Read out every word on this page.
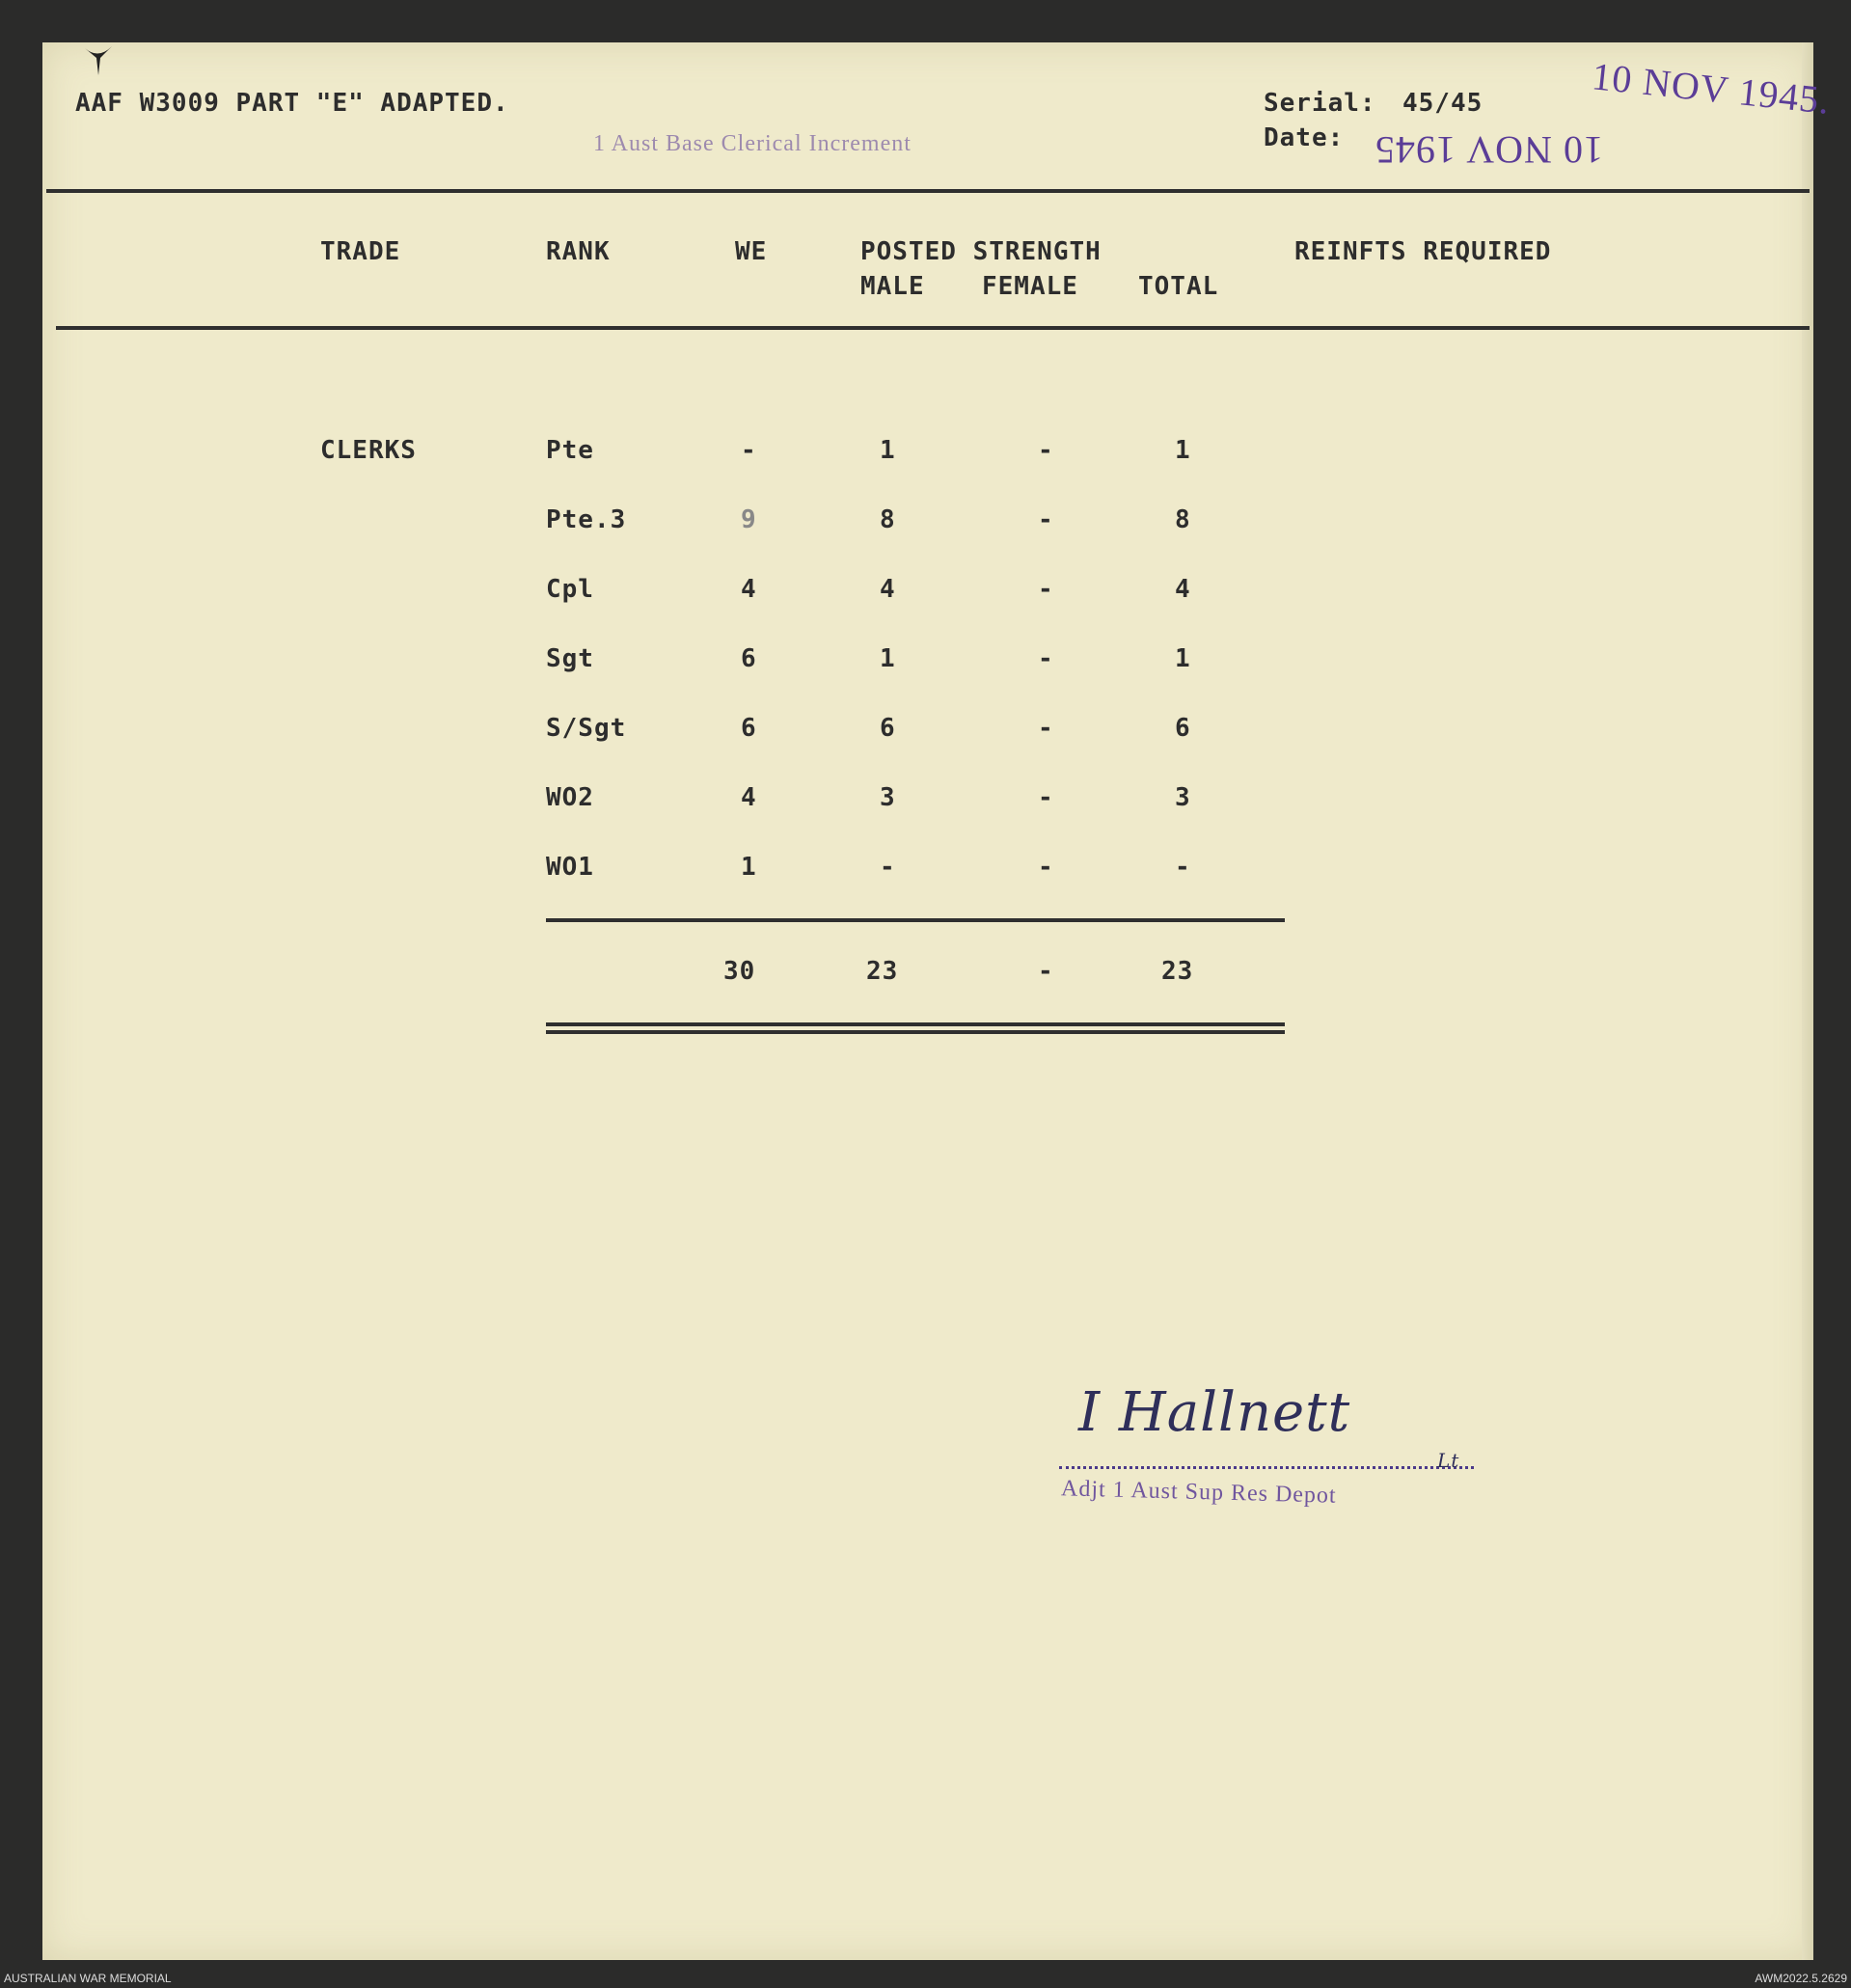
AAF W3009 PART "E" ADAPTED.
1 Aust Base Clerical Increment
Serial: 45/45
Date: 10 NOV 1945
10 NOV 1945.
TRADE	RANK	WE	POSTED STRENGTH
MALE FEMALE TOTAL
REINFTS REQUIRED
CLERKS	Pte	-	1	-	1
Pte.3	9	8	-	8
Cpl	4	4	-	4
Sgt	6	1	-	1
S/Sgt	6	6	-	6
WO2	4	3	-	3
WO1	1	-	-	-
30	23	-	23
I Hallnett
Lt
Adjt 1 Aust Sup Res Depot
AUSTRALIAN WAR MEMORIAL	AWM2022.5.2629
